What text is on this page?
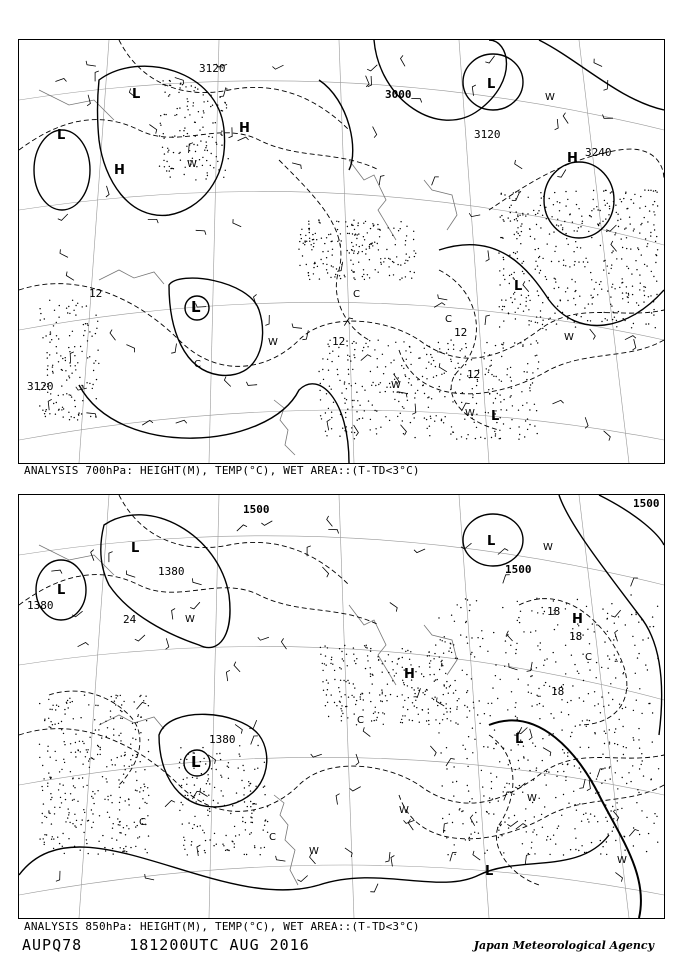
3000
3120
3120
3240
3120
12
12
12
12
L
L
H
H
L
L
H
L
L
W
W
W
W
C
C
C
W
W
ANALYSIS 700hPa: HEIGHT(M), TEMP(°C), WET AREA::(T-TD<3°C)
1500	1500
1500
1380
1380
1380
24
18
18
18
L
L
L
L
H
H
L
L
W
W
W
W
W
C
C
C
W
C
ANALYSIS 850hPa: HEIGHT(M), TEMP(°C), WET AREA::(T-TD<3°C)
AUPQ78	181200UTC AUG 2016	Japan Meteorological Agency
